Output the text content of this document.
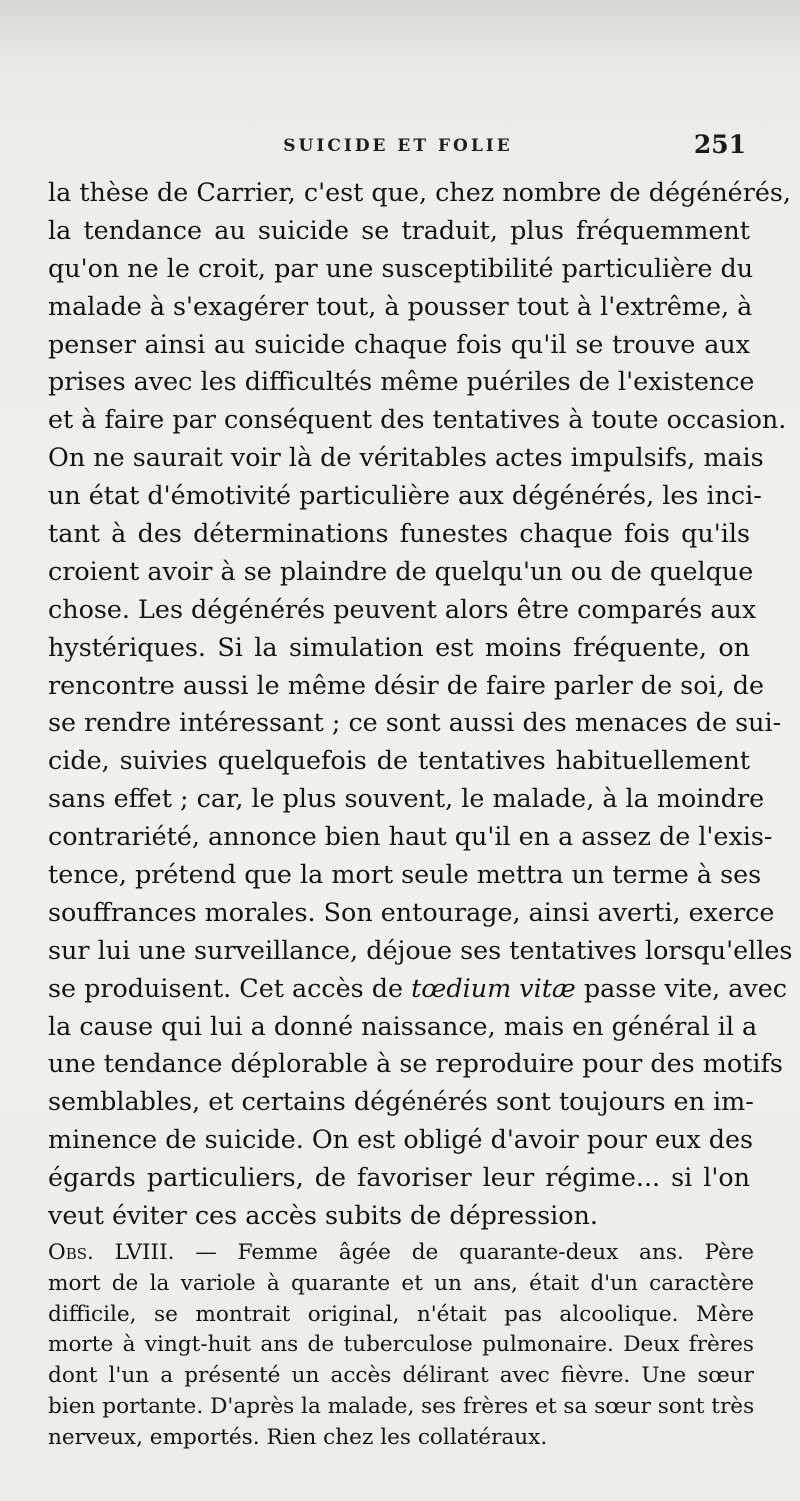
SUICIDE ET FOLIE	251
la thèse de Carrier, c'est que, chez nombre de dégénérés,
la tendance au suicide se traduit, plus fréquemment
qu'on ne le croit, par une susceptibilité particulière du
malade à s'exagérer tout, à pousser tout à l'extrême, à
penser ainsi au suicide chaque fois qu'il se trouve aux
prises avec les difficultés même puériles de l'existence
et à faire par conséquent des tentatives à toute occasion.
On ne saurait voir là de véritables actes impulsifs, mais
un état d'émotivité particulière aux dégénérés, les inci-
tant à des déterminations funestes chaque fois qu'ils
croient avoir à se plaindre de quelqu'un ou de quelque
chose. Les dégénérés peuvent alors être comparés aux
hystériques. Si la simulation est moins fréquente, on
rencontre aussi le même désir de faire parler de soi, de
se rendre intéressant ; ce sont aussi des menaces de sui-
cide, suivies quelquefois de tentatives habituellement
sans effet ; car, le plus souvent, le malade, à la moindre
contrariété, annonce bien haut qu'il en a assez de l'exis-
tence, prétend que la mort seule mettra un terme à ses
souffrances morales. Son entourage, ainsi averti, exerce
sur lui une surveillance, déjoue ses tentatives lorsqu'elles
se produisent. Cet accès de tœdium vitæ passe vite, avec
la cause qui lui a donné naissance, mais en général il a
une tendance déplorable à se reproduire pour des motifs
semblables, et certains dégénérés sont toujours en im-
minence de suicide. On est obligé d'avoir pour eux des
égards particuliers, de favoriser leur régime... si l'on
veut éviter ces accès subits de dépression.
Obs. LVIII. — Femme âgée de quarante-deux ans. Père
mort de la variole à quarante et un ans, était d'un caractère
difficile, se montrait original, n'était pas alcoolique. Mère
morte à vingt-huit ans de tuberculose pulmonaire. Deux frères
dont l'un a présenté un accès délirant avec fièvre. Une sœur
bien portante. D'après la malade, ses frères et sa sœur sont très
nerveux, emportés. Rien chez les collatéraux.
